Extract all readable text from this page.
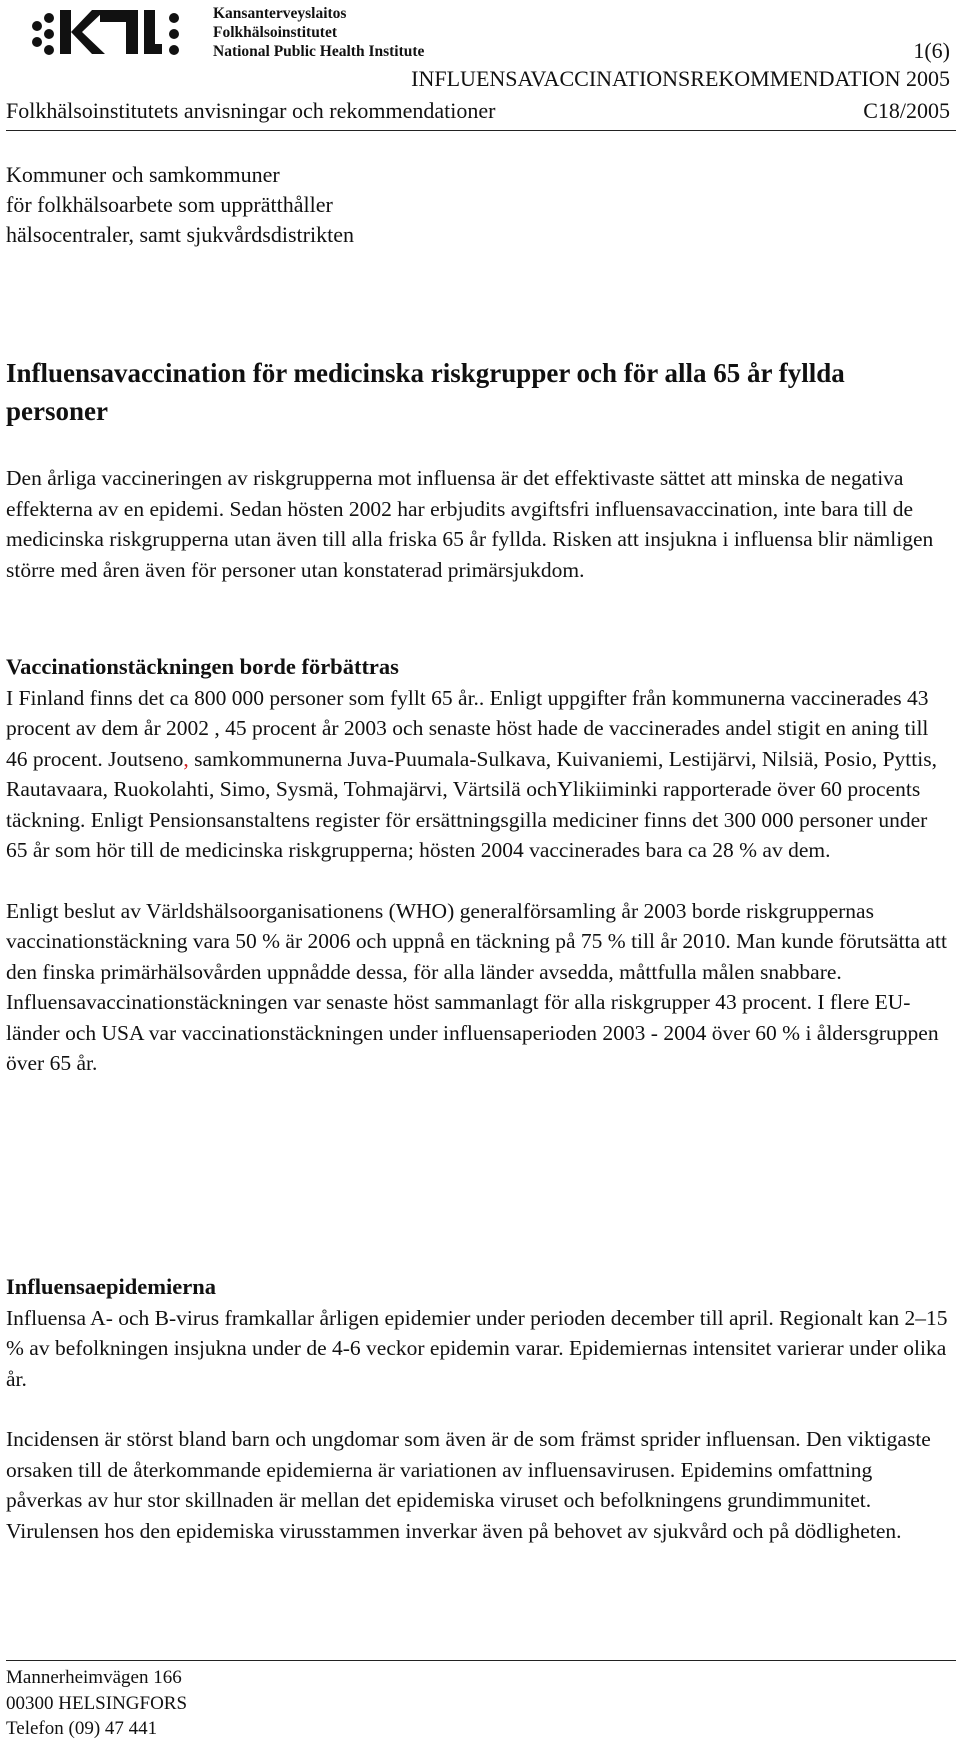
Kansanterveyslaitos
Folkhälsoinstitutet
National Public Health Institute	1(6)
INFLUENSAVACCINATIONSREKOMMENDATION 2005
Folkhälsoinstitutets anvisningar och rekommendationer	C18/2005
Kommuner och samkommuner
för folkhälsoarbete som upprätthåller
hälsocentraler, samt sjukvårdsdistrikten
Influensavaccination för medicinska riskgrupper och för alla 65 år fyllda personer

Den årliga vaccineringen av riskgrupperna mot influensa är det effektivaste sättet att minska de negativa effekterna av en epidemi. Sedan hösten 2002 har erbjudits avgiftsfri influensavaccination, inte bara till de medicinska riskgrupperna utan även till alla friska 65 år fyllda. Risken att insjukna i influensa blir nämligen större med åren även för personer utan konstaterad primärsjukdom.

Vaccinationstäckningen borde förbättras

I Finland finns det ca 800 000 personer som fyllt 65 år.. Enligt uppgifter från kommunerna vaccinerades 43 procent av dem år 2002 , 45 procent år 2003 och senaste höst hade de vaccinerades andel stigit en aning till 46 procent. Joutseno, samkommunerna Juva-Puumala-Sulkava, Kuivaniemi, Lestijärvi, Nilsiä, Posio, Pyttis, Rautavaara, Ruokolahti, Simo, Sysmä, Tohmajärvi, Värtsilä ochYlikiiminki rapporterade över 60 procents täckning. Enligt Pensionsanstaltens register för ersättningsgilla mediciner finns det 300 000 personer under 65 år som hör till de medicinska riskgrupperna; hösten 2004 vaccinerades bara ca 28 % av dem.

Enligt beslut av Världshälsoorganisationens (WHO) generalförsamling år 2003 borde riskgruppernas vaccinationstäckning vara 50 % är 2006 och uppnå en täckning på 75 % till år 2010. Man kunde förutsätta att den finska primärhälsovården uppnådde dessa, för alla länder avsedda, måttfulla målen snabbare. Influensavaccinationstäckningen var senaste höst sammanlagt för alla riskgrupper 43 procent. I flere EU-länder och USA var vaccinationstäckningen under influensaperioden 2003 - 2004 över 60 % i åldersgruppen över 65 år.

Influensaepidemierna

Influensa A- och B-virus framkallar årligen epidemier under perioden december till april. Regionalt kan 2–15 % av befolkningen insjukna under de 4-6 veckor epidemin varar. Epidemiernas intensitet varierar under olika år.

Incidensen är störst bland barn och ungdomar som även är de som främst sprider influensan. Den viktigaste orsaken till de återkommande epidemierna är variationen av influensavirusen. Epidemins omfattning påverkas av hur stor skillnaden är mellan det epidemiska viruset och befolkningens grundimmunitet. Virulensen hos den epidemiska virusstammen inverkar även på behovet av sjukvård och på dödligheten.

Mannerheimvägen 166
00300 HELSINGFORS
Telefon (09) 47 441
